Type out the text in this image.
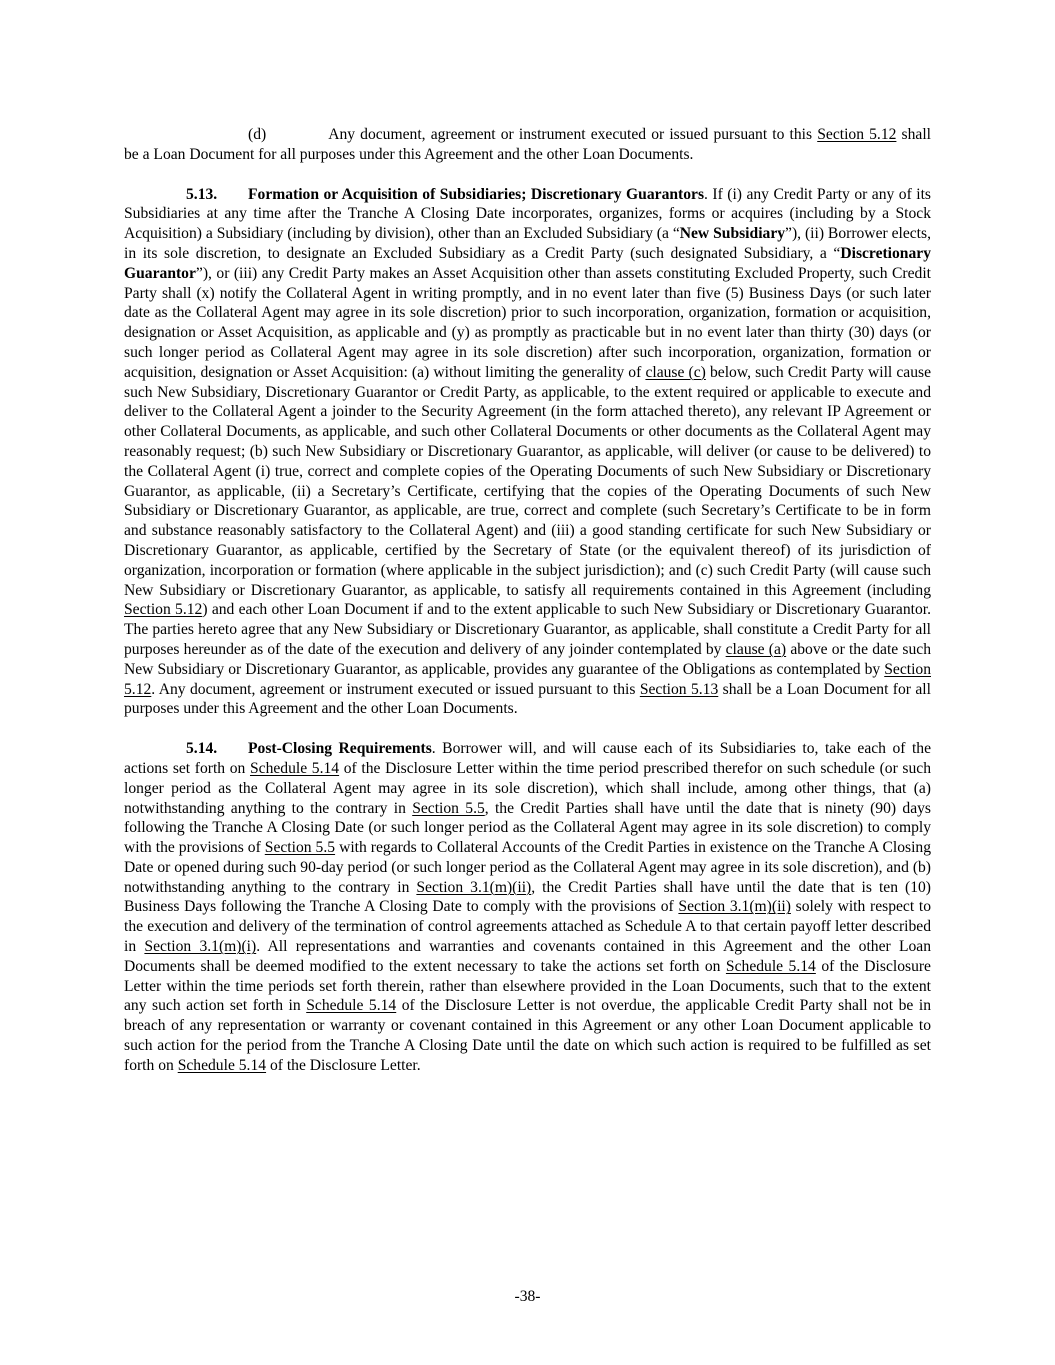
(d)	Any document, agreement or instrument executed or issued pursuant to this Section 5.12 shall be a Loan Document for all purposes under this Agreement and the other Loan Documents.

5.13. Formation or Acquisition of Subsidiaries; Discretionary Guarantors. If (i) any Credit Party or any of its Subsidiaries at any time after the Tranche A Closing Date incorporates, organizes, forms or acquires (including by a Stock Acquisition) a Subsidiary (including by division), other than an Excluded Subsidiary (a “New Subsidiary”), (ii) Borrower elects, in its sole discretion, to designate an Excluded Subsidiary as a Credit Party (such designated Subsidiary, a “Discretionary Guarantor”), or (iii) any Credit Party makes an Asset Acquisition other than assets constituting Excluded Property, such Credit Party shall (x) notify the Collateral Agent in writing promptly, and in no event later than five (5) Business Days (or such later date as the Collateral Agent may agree in its sole discretion) prior to such incorporation, organization, formation or acquisition, designation or Asset Acquisition, as applicable and (y) as promptly as practicable but in no event later than thirty (30) days (or such longer period as Collateral Agent may agree in its sole discretion) after such incorporation, organization, formation or acquisition, designation or Asset Acquisition: (a) without limiting the generality of clause (c) below, such Credit Party will cause such New Subsidiary, Discretionary Guarantor or Credit Party, as applicable, to the extent required or applicable to execute and deliver to the Collateral Agent a joinder to the Security Agreement (in the form attached thereto), any relevant IP Agreement or other Collateral Documents, as applicable, and such other Collateral Documents or other documents as the Collateral Agent may reasonably request; (b) such New Subsidiary or Discretionary Guarantor, as applicable, will deliver (or cause to be delivered) to the Collateral Agent (i) true, correct and complete copies of the Operating Documents of such New Subsidiary or Discretionary Guarantor, as applicable, (ii) a Secretary’s Certificate, certifying that the copies of the Operating Documents of such New Subsidiary or Discretionary Guarantor, as applicable, are true, correct and complete (such Secretary’s Certificate to be in form and substance reasonably satisfactory to the Collateral Agent) and (iii) a good standing certificate for such New Subsidiary or Discretionary Guarantor, as applicable, certified by the Secretary of State (or the equivalent thereof) of its jurisdiction of organization, incorporation or formation (where applicable in the subject jurisdiction); and (c) such Credit Party (will cause such New Subsidiary or Discretionary Guarantor, as applicable, to satisfy all requirements contained in this Agreement (including Section 5.12) and each other Loan Document if and to the extent applicable to such New Subsidiary or Discretionary Guarantor. The parties hereto agree that any New Subsidiary or Discretionary Guarantor, as applicable, shall constitute a Credit Party for all purposes hereunder as of the date of the execution and delivery of any joinder contemplated by clause (a) above or the date such New Subsidiary or Discretionary Guarantor, as applicable, provides any guarantee of the Obligations as contemplated by Section 5.12. Any document, agreement or instrument executed or issued pursuant to this Section 5.13 shall be a Loan Document for all purposes under this Agreement and the other Loan Documents.

5.14. Post-Closing Requirements. Borrower will, and will cause each of its Subsidiaries to, take each of the actions set forth on Schedule 5.14 of the Disclosure Letter within the time period prescribed therefor on such schedule (or such longer period as the Collateral Agent may agree in its sole discretion), which shall include, among other things, that (a) notwithstanding anything to the contrary in Section 5.5, the Credit Parties shall have until the date that is ninety (90) days following the Tranche A Closing Date (or such longer period as the Collateral Agent may agree in its sole discretion) to comply with the provisions of Section 5.5 with regards to Collateral Accounts of the Credit Parties in existence on the Tranche A Closing Date or opened during such 90-day period (or such longer period as the Collateral Agent may agree in its sole discretion), and (b) notwithstanding anything to the contrary in Section 3.1(m)(ii), the Credit Parties shall have until the date that is ten (10) Business Days following the Tranche A Closing Date to comply with the provisions of Section 3.1(m)(ii) solely with respect to the execution and delivery of the termination of control agreements attached as Schedule A to that certain payoff letter described in Section 3.1(m)(i). All representations and warranties and covenants contained in this Agreement and the other Loan Documents shall be deemed modified to the extent necessary to take the actions set forth on Schedule 5.14 of the Disclosure Letter within the time periods set forth therein, rather than elsewhere provided in the Loan Documents, such that to the extent any such action set forth in Schedule 5.14 of the Disclosure Letter is not overdue, the applicable Credit Party shall not be in breach of any representation or warranty or covenant contained in this Agreement or any other Loan Document applicable to such action for the period from the Tranche A Closing Date until the date on which such action is required to be fulfilled as set forth on Schedule 5.14 of the Disclosure Letter.

-38-
